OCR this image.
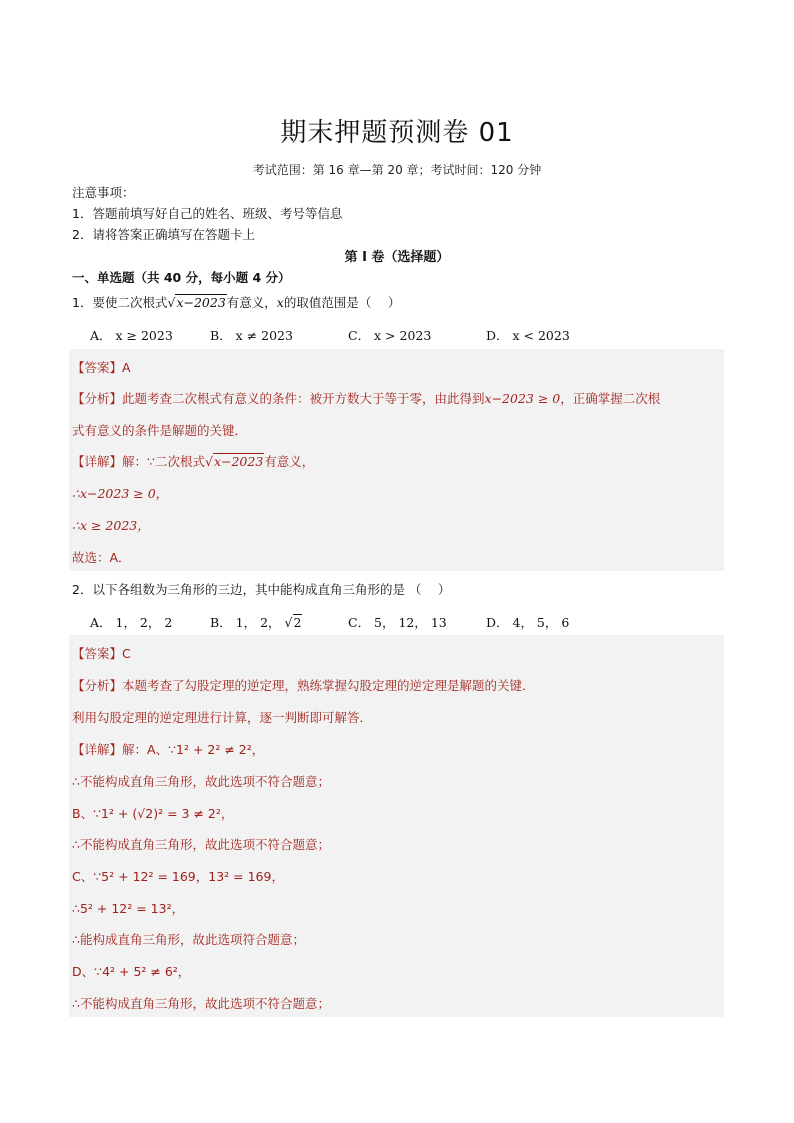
期末押题预测卷 01
考试范围：第 16 章—第 20 章；考试时间：120 分钟
注意事项：
1．答题前填写好自己的姓名、班级、考号等信息
2．请将答案正确填写在答题卡上
第 I 卷（选择题）
一、单选题（共 40 分，每小题 4 分）
1．要使二次根式√x−2023有意义，x的取值范围是（　 ）
A． x ≥ 2023	B． x ≠ 2023	C． x > 2023	D． x < 2023
【答案】A
【分析】此题考查二次根式有意义的条件：被开方数大于等于零，由此得到x−2023 ≥ 0，正确掌握二次根
式有意义的条件是解题的关键．
【详解】解：∵二次根式√x−2023有意义，
∴x−2023 ≥ 0，
∴x ≥ 2023，
故选：A．
2．以下各组数为三角形的三边，其中能构成直角三角形的是 （　 ）
A． 1， 2， 2	B． 1， 2， √2	C． 5， 12， 13	D． 4， 5， 6
【答案】C
【分析】本题考查了勾股定理的逆定理，熟练掌握勾股定理的逆定理是解题的关键．
利用勾股定理的逆定理进行计算，逐一判断即可解答．
【详解】解：A、∵1² + 2² ≠ 2²，
∴不能构成直角三角形，故此选项不符合题意；
B、∵1² + (√2)² = 3 ≠ 2²，
∴不能构成直角三角形，故此选项不符合题意；
C、∵5² + 12² = 169，13² = 169，
∴5² + 12² = 13²，
∴能构成直角三角形，故此选项符合题意；
D、∵4² + 5² ≠ 6²，
∴不能构成直角三角形，故此选项不符合题意；
